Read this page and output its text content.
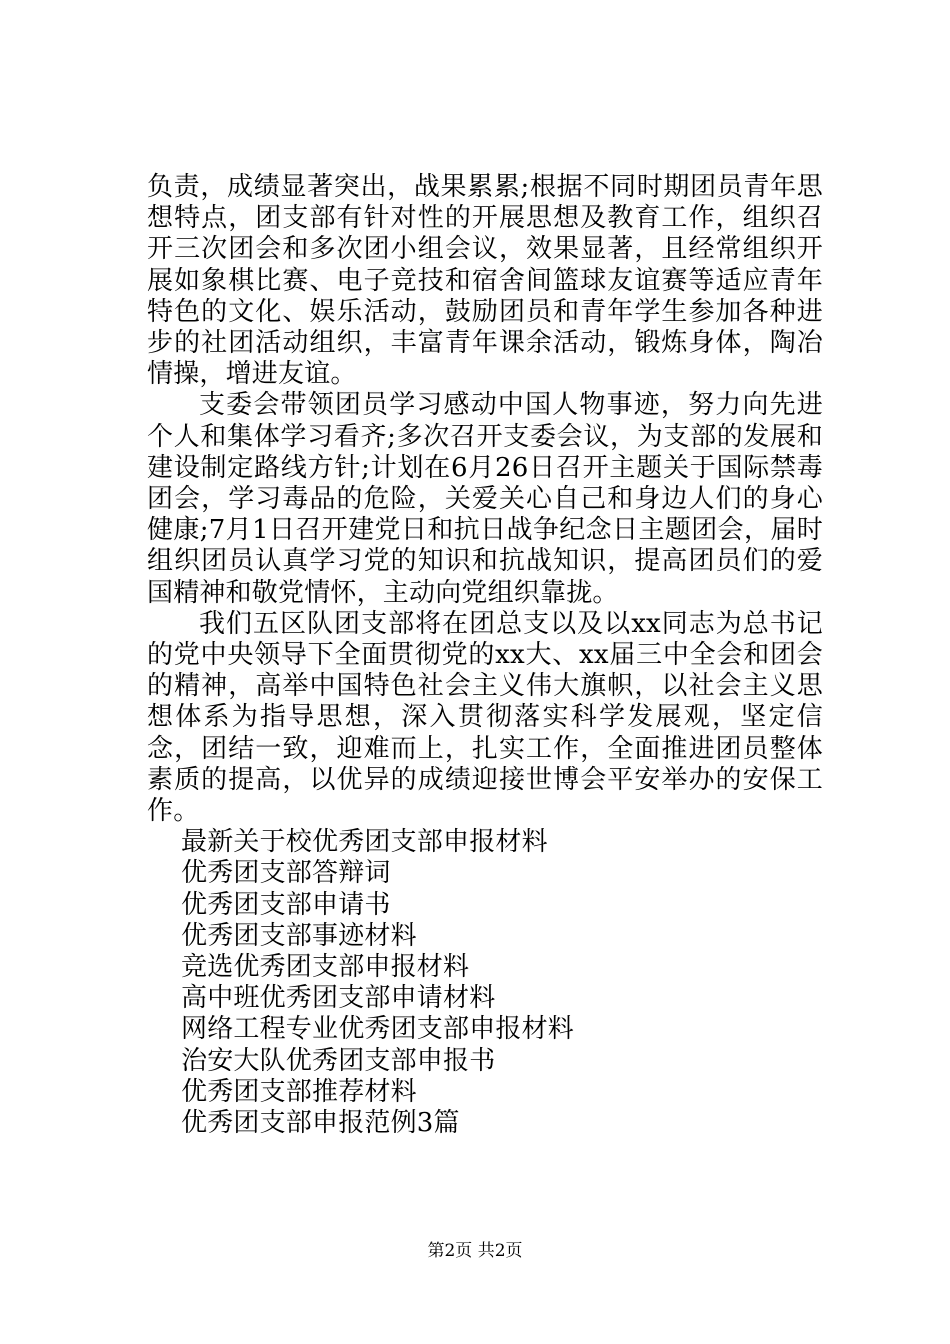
负责，成绩显著突出，战果累累;根据不同时期团员青年思想特点，团支部有针对性的开展思想及教育工作，组织召开三次团会和多次团小组会议，效果显著，且经常组织开展如象棋比赛、电子竞技和宿舍间篮球友谊赛等适应青年特色的文化、娱乐活动，鼓励团员和青年学生参加各种进步的社团活动组织，丰富青年课余活动，锻炼身体，陶冶情操，增进友谊。

支委会带领团员学习感动中国人物事迹，努力向先进个人和集体学习看齐;多次召开支委会议，为支部的发展和建设制定路线方针;计划在6月26日召开主题关于国际禁毒团会，学习毒品的危险，关爱关心自己和身边人们的身心健康;7月1日召开建党日和抗日战争纪念日主题团会，届时组织团员认真学习党的知识和抗战知识，提高团员们的爱国精神和敬党情怀，主动向党组织靠拢。

我们五区队团支部将在团总支以及以xx同志为总书记的党中央领导下全面贯彻党的xx大、xx届三中全会和团会的精神，高举中国特色社会主义伟大旗帜，以社会主义思想体系为指导思想，深入贯彻落实科学发展观，坚定信念，团结一致，迎难而上，扎实工作，全面推进团员整体素质的提高，以优异的成绩迎接世博会平安举办的安保工作。

最新关于校优秀团支部申报材料
优秀团支部答辩词
优秀团支部申请书
优秀团支部事迹材料
竞选优秀团支部申报材料
高中班优秀团支部申请材料
网络工程专业优秀团支部申报材料
治安大队优秀团支部申报书
优秀团支部推荐材料
优秀团支部申报范例3篇
第2页 共2页
